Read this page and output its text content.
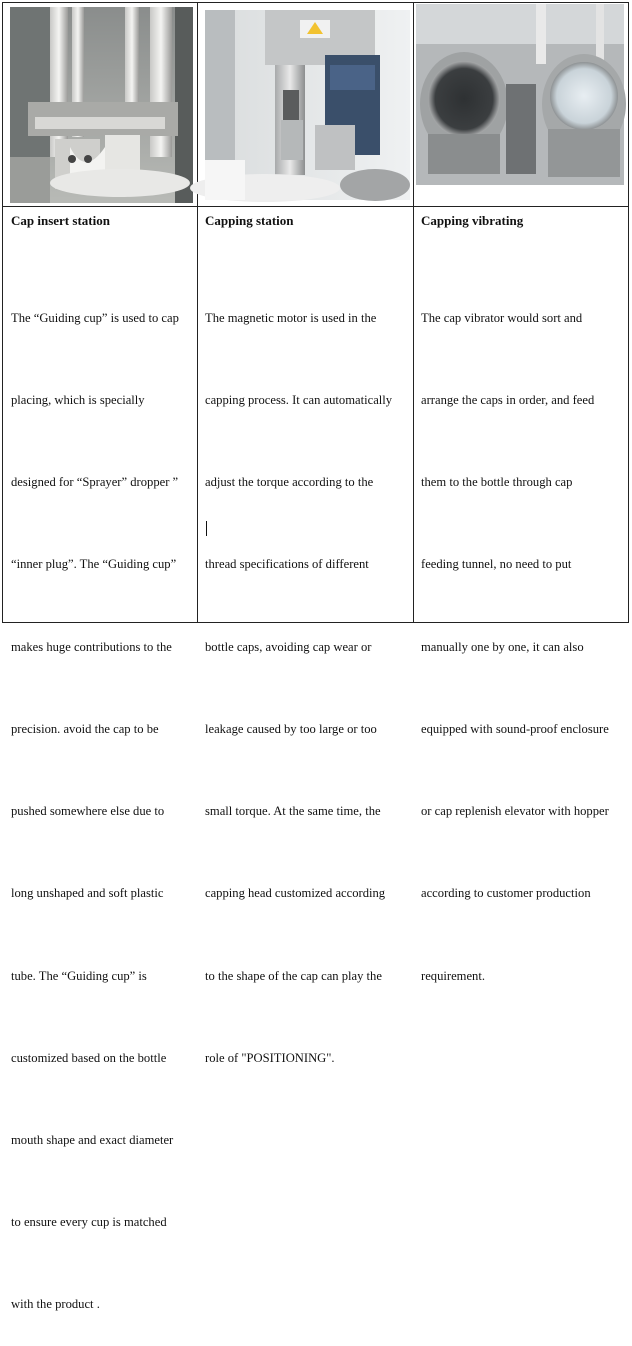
Cap insert station

The “Guiding cup” is used to cap

placing, which is specially

designed for “Sprayer” dropper ”

“inner plug”. The “Guiding cup”

makes huge contributions to the

precision. avoid the cap to be

pushed somewhere else due to

long unshaped and soft plastic

tube. The “Guiding cup” is

customized based on the bottle

mouth shape and exact diameter

to ensure every cup is matched

with the product .

Capping station

The magnetic motor is used in the

capping process. It can automatically

adjust the torque according to the

thread specifications of different

bottle caps, avoiding cap wear or

leakage caused by too large or too

small torque. At the same time, the

capping head customized according

to the shape of the cap can play the

role of "POSITIONING".

Capping vibrating

The cap vibrator would sort and

arrange the caps in order, and feed

them to the bottle through cap

feeding tunnel, no need to put

manually one by one, it can also

equipped with sound-proof enclosure

or cap replenish elevator with hopper

according to customer production

requirement.
